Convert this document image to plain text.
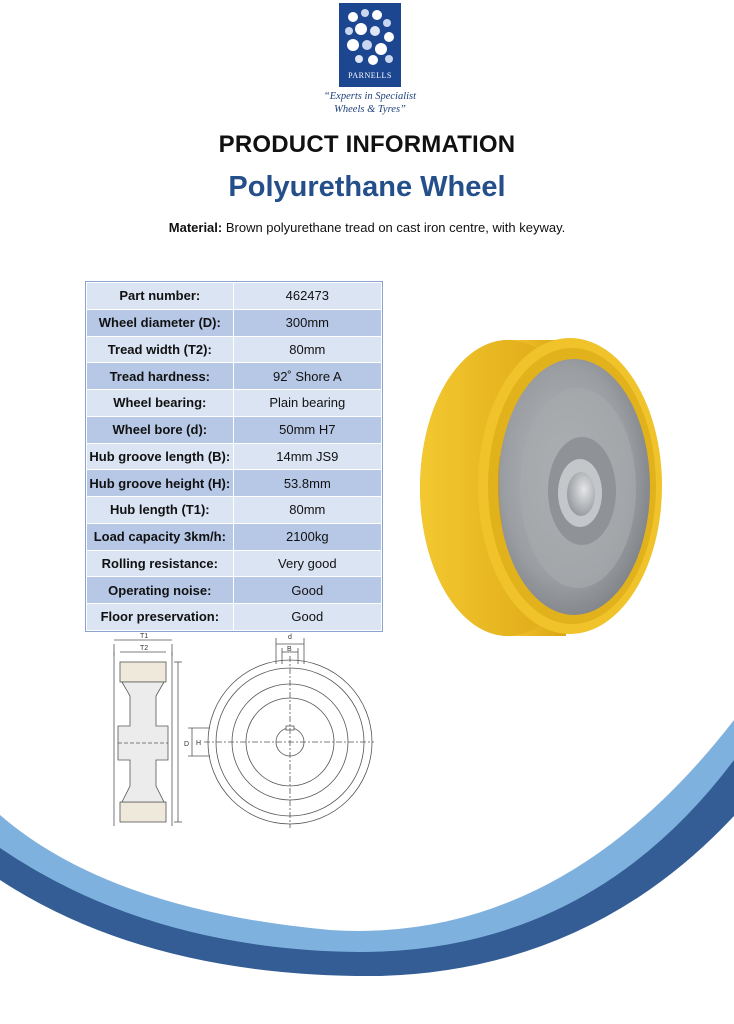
PARNELLS
“Experts in Specialist
Wheels & Tyres”
PRODUCT INFORMATION
Polyurethane Wheel
Material: Brown polyurethane tread on cast iron centre, with keyway.
Part number:	462473
Wheel diameter (D):	300mm
Tread width (T2):	80mm
Tread hardness:	92˚ Shore A
Wheel bearing:	Plain bearing
Wheel bore (d):	50mm H7
Hub groove length (B):	14mm JS9
Hub groove height (H):	53.8mm
Hub length (T1):	80mm
Load capacity 3km/h:	2100kg
Rolling resistance:	Very good
Operating noise:	Good
Floor preservation:	Good
T1
T2
D
d
B
H
